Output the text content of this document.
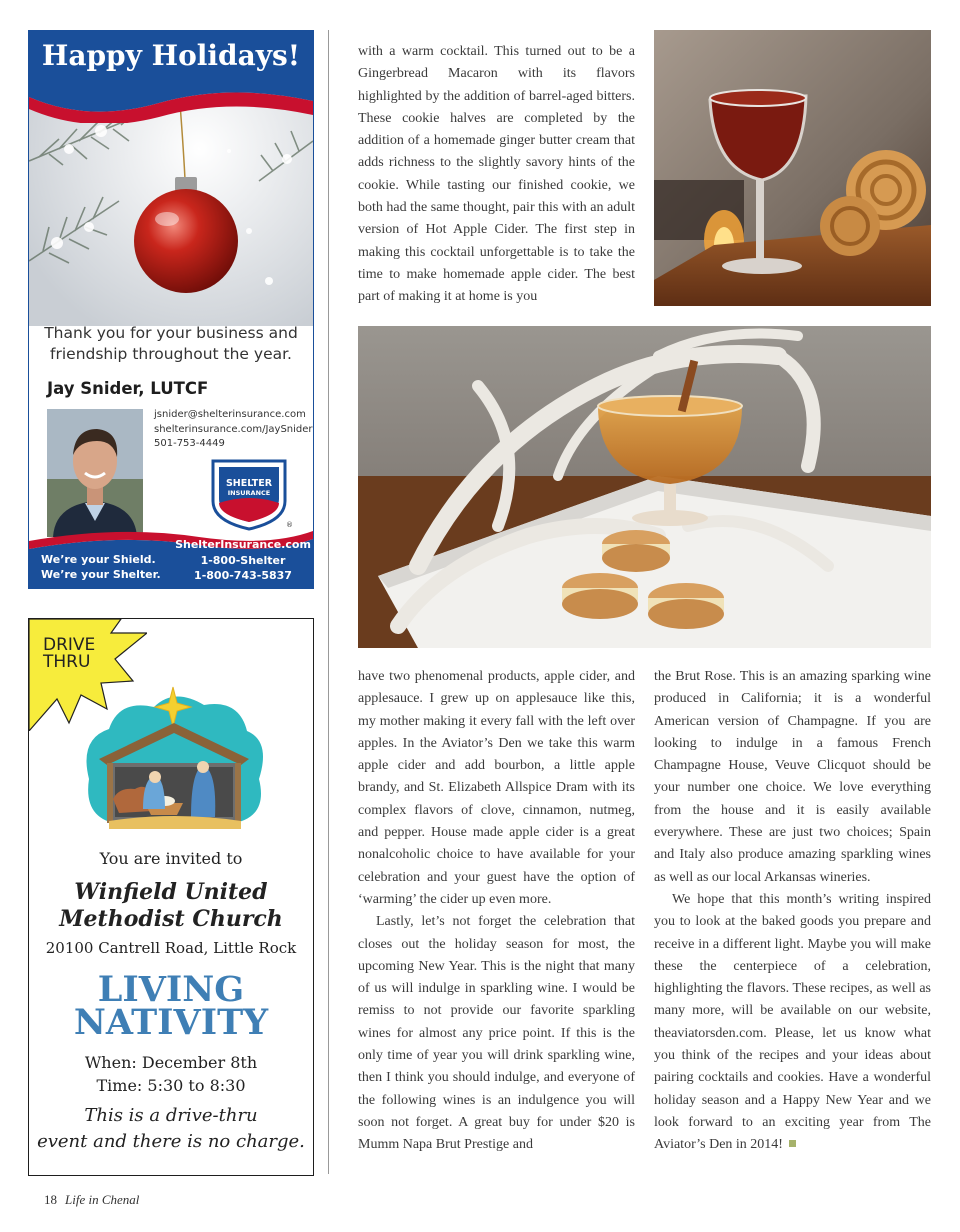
Happy Holidays!
Thank you for your business and friendship throughout the year.
Jay Snider, LUTCF
jsnider@shelterinsurance.com
shelterinsurance.com/JaySnider
501-753-4449
SHELTER
INSURANCE
®
We’re your Shield.
We’re your Shelter.
ShelterInsurance.com
1-800-Shelter
1-800-743-5837
DRIVE
THRU
You are invited to
Winfield United
Methodist Church
20100 Cantrell Road, Little Rock
LIVING
NATIVITY
When: December 8th
Time: 5:30 to 8:30
This is a drive-thru
event and there is no charge.

with a warm cocktail. This turned out to be a Gingerbread Macaron with its flavors highlighted by the addition of barrel-aged bitters. These cookie halves are completed by the addition of a homemade ginger butter cream that adds richness to the slightly savory hints of the cookie. While tasting our finished cookie, we both had the same thought, pair this with an adult version of Hot Apple Cider. The first step in making this cocktail unforgettable is to take the time to make homemade apple cider. The best part of making it at home is you

have two phenomenal products, apple cider, and applesauce. I grew up on applesauce like this, my mother making it every fall with the left over apples. In the Aviator’s Den we take this warm apple cider and add bourbon, a little apple brandy, and St. Elizabeth Allspice Dram with its complex flavors of clove, cinnamon, nutmeg, and pepper. House made apple cider is a great nonalcoholic choice to have available for your celebration and your guest have the option of ‘warming’ the cider up even more.

Lastly, let’s not forget the celebration that closes out the holiday season for most, the upcoming New Year. This is the night that many of us will indulge in sparkling wine. I would be remiss to not provide our favorite sparkling wines for almost any price point. If this is the only time of year you will drink sparkling wine, then I think you should indulge, and everyone of the following wines is an indulgence you will soon not forget. A great buy for under $20 is Mumm Napa Brut Prestige and

the Brut Rose. This is an amazing sparking wine produced in California; it is a wonderful American version of Champagne. If you are looking to indulge in a famous French Champagne House, Veuve Clicquot should be your number one choice. We love everything from the house and it is easily available everywhere. These are just two choices; Spain and Italy also produce amazing sparkling wines as well as our local Arkansas wineries.

We hope that this month’s writing inspired you to look at the baked goods you prepare and receive in a different light. Maybe you will make these the centerpiece of a celebration, highlighting the flavors. These recipes, as well as many more, will be available on our website, theaviatorsden.com. Please, let us know what you think of the recipes and your ideas about pairing cocktails and cookies. Have a wonderful holiday season and a Happy New Year and we look forward to an exciting year from The Aviator’s Den in 2014!

18 Life in Chenal
